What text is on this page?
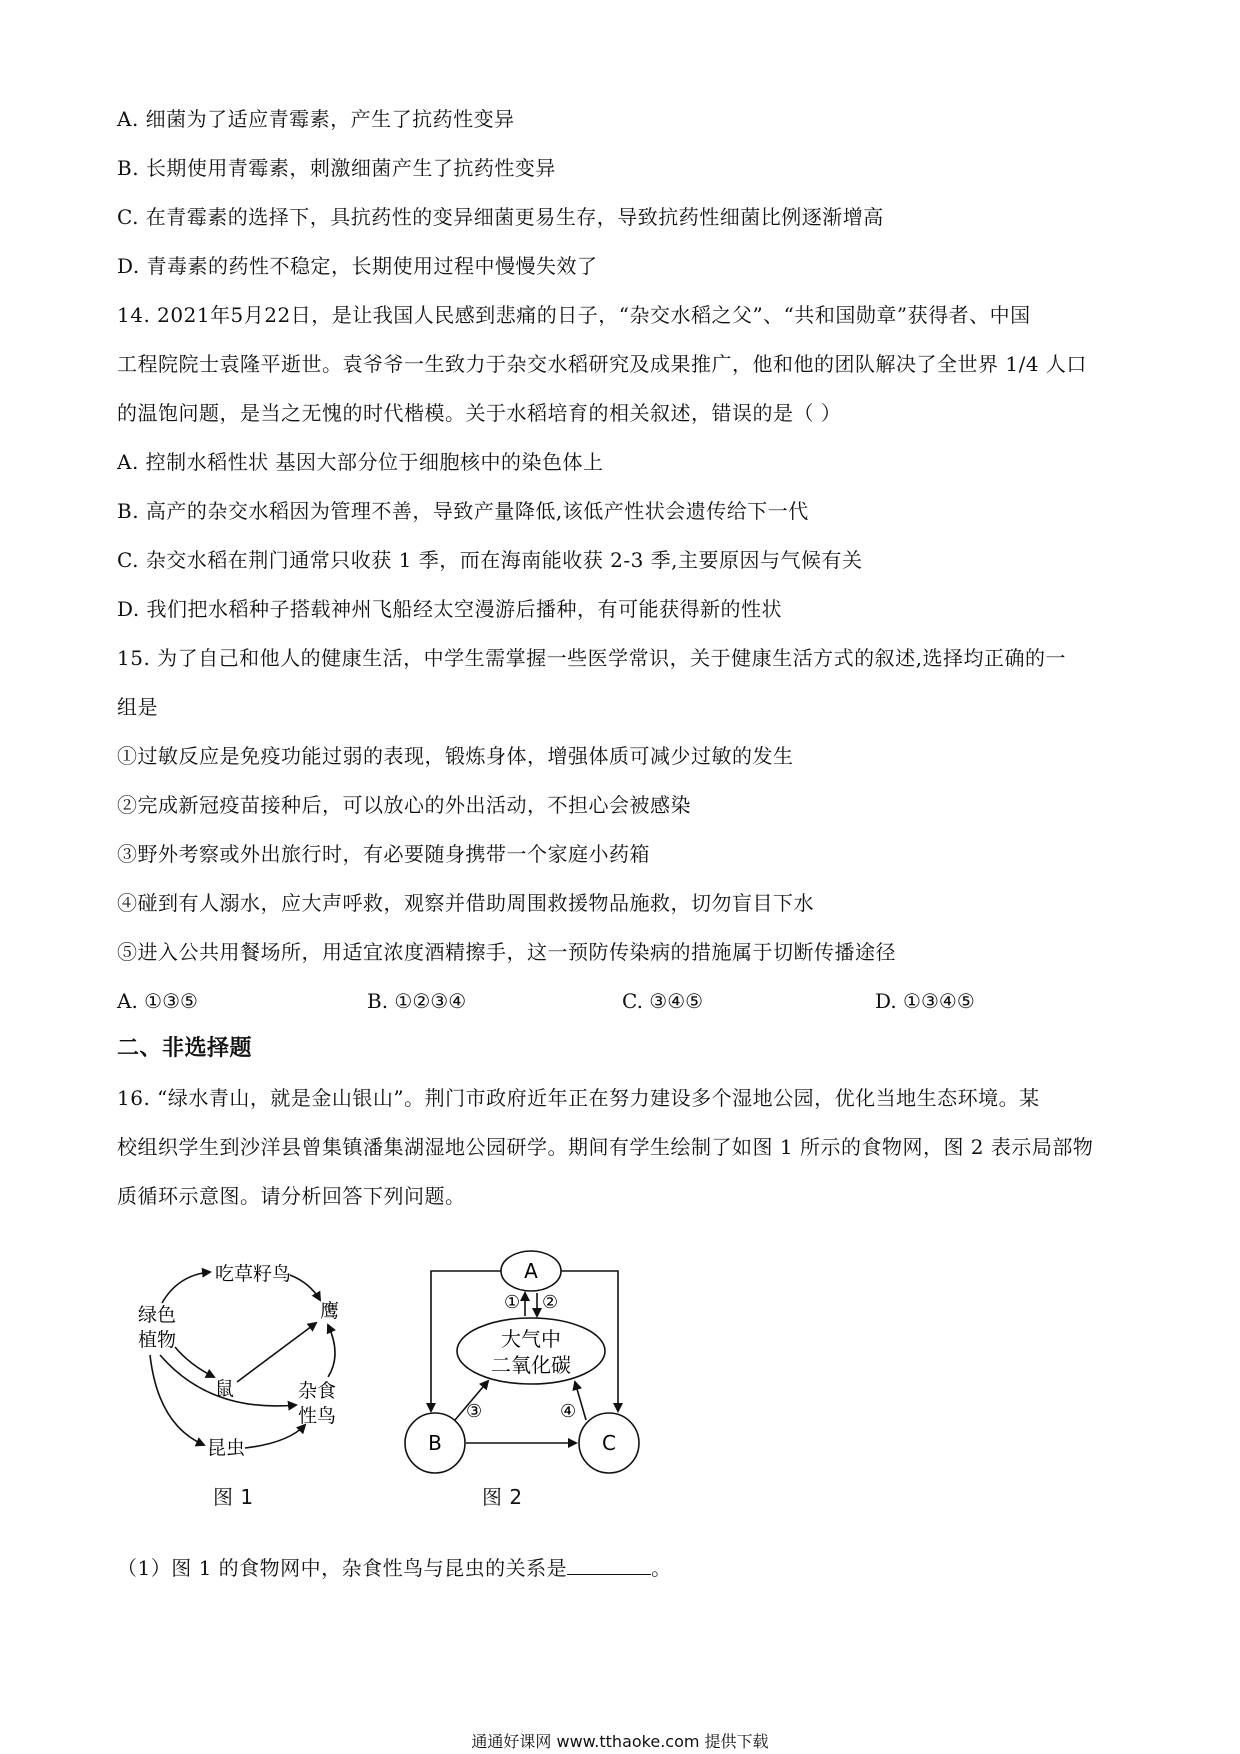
A. 细菌为了适应青霉素，产生了抗药性变异
B. 长期使用青霉素，刺激细菌产生了抗药性变异
C. 在青霉素的选择下，具抗药性的变异细菌更易生存，导致抗药性细菌比例逐渐增高
D. 青毒素的药性不稳定，长期使用过程中慢慢失效了
14. 2021年5月22日，是让我国人民感到悲痛的日子，“杂交水稻之父”、“共和国勋章”获得者、中国
工程院院士袁隆平逝世。袁爷爷一生致力于杂交水稻研究及成果推广，他和他的团队解决了全世界 1/4 人口
的温饱问题，是当之无愧的时代楷模。关于水稻培育的相关叙述，错误的是（ ）
A. 控制水稻性状 基因大部分位于细胞核中的染色体上
B. 高产的杂交水稻因为管理不善，导致产量降低,该低产性状会遗传给下一代
C. 杂交水稻在荆门通常只收获 1 季，而在海南能收获 2-3 季,主要原因与气候有关
D. 我们把水稻种子搭载神州飞船经太空漫游后播种，有可能获得新的性状
15. 为了自己和他人的健康生活，中学生需掌握一些医学常识，关于健康生活方式的叙述,选择均正确的一
组是
①过敏反应是免疫功能过弱的表现，锻炼身体，增强体质可减少过敏的发生
②完成新冠疫苗接种后，可以放心的外出活动，不担心会被感染
③野外考察或外出旅行时，有必要随身携带一个家庭小药箱
④碰到有人溺水，应大声呼救，观察并借助周围救援物品施救，切勿盲目下水
⑤进入公共用餐场所，用适宜浓度酒精擦手，这一预防传染病的措施属于切断传播途径
A. ①③⑤	B. ①②③④	C. ③④⑤	D. ①③④⑤
二、非选择题
16. “绿水青山，就是金山银山”。荆门市政府近年正在努力建设多个湿地公园，优化当地生态环境。某
校组织学生到沙洋县曾集镇潘集湖湿地公园研学。期间有学生绘制了如图 1 所示的食物网，图 2 表示局部物
质循环示意图。请分析回答下列问题。
吃草籽鸟
鹰
绿色
植物
鼠	杂食
性鸟
昆虫
图 1
A
大气中
二氧化碳
B	C
① ②
③	④
图 2
（1）图 1 的食物网中，杂食性鸟与昆虫的关系是	。
通通好课网 www.tthaoke.com 提供下载
